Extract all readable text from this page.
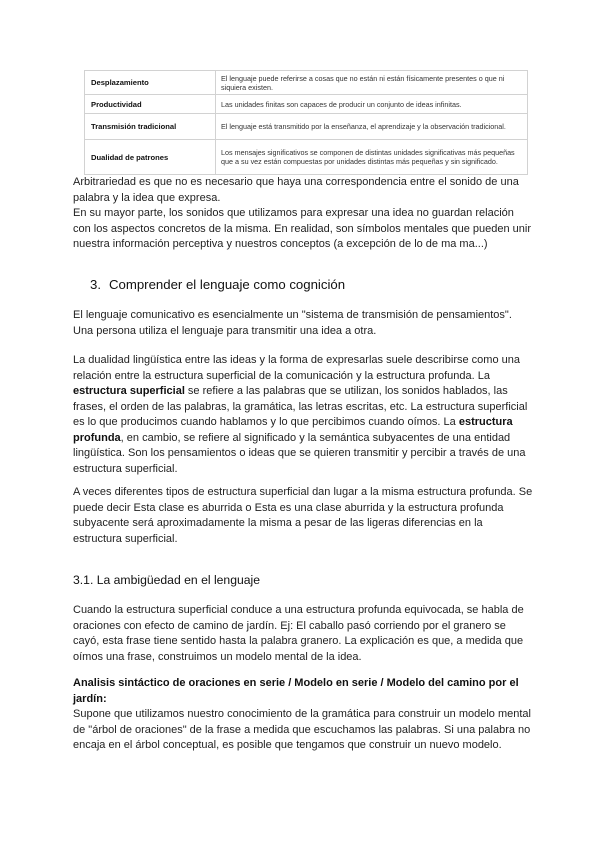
Desplazamiento	El lenguaje puede referirse a cosas que no están ni están físicamente presentes o que ni siquiera existen.
Productividad	Las unidades finitas son capaces de producir un conjunto de ideas infinitas.
Transmisión tradicional	El lenguaje está transmitido por la enseñanza, el aprendizaje y la observación tradicional.
Dualidad de patrones	Los mensajes significativos se componen de distintas unidades significativas más pequeñas que a su vez están compuestas por unidades distintas más pequeñas y sin significado.

Arbitrariedad es que no es necesario que haya una correspondencia entre el sonido de una palabra y la idea que expresa.

En su mayor parte, los sonidos que utilizamos para expresar una idea no guardan relación con los aspectos concretos de la misma. En realidad, son símbolos mentales que pueden unir nuestra información perceptiva y nuestros conceptos (a excepción de lo de ma ma...)

3. Comprender el lenguaje como cognición

El lenguaje comunicativo es esencialmente un "sistema de transmisión de pensamientos". Una persona utiliza el lenguaje para transmitir una idea a otra.

La dualidad lingüística entre las ideas y la forma de expresarlas suele describirse como una relación entre la estructura superficial de la comunicación y la estructura profunda. La estructura superficial se refiere a las palabras que se utilizan, los sonidos hablados, las frases, el orden de las palabras, la gramática, las letras escritas, etc. La estructura superficial es lo que producimos cuando hablamos y lo que percibimos cuando oímos. La estructura profunda, en cambio, se refiere al significado y la semántica subyacentes de una entidad lingüística. Son los pensamientos o ideas que se quieren transmitir y percibir a través de una estructura superficial.

A veces diferentes tipos de estructura superficial dan lugar a la misma estructura profunda. Se puede decir Esta clase es aburrida o Esta es una clase aburrida y la estructura profunda subyacente será aproximadamente la misma a pesar de las ligeras diferencias en la estructura superficial.

3.1. La ambigüedad en el lenguaje

Cuando la estructura superficial conduce a una estructura profunda equivocada, se habla de oraciones con efecto de camino de jardín. Ej: El caballo pasó corriendo por el granero se cayó, esta frase tiene sentido hasta la palabra granero. La explicación es que, a medida que oímos una frase, construimos un modelo mental de la idea.

Analisis sintáctico de oraciones en serie / Modelo en serie / Modelo del camino por el jardín:

Supone que utilizamos nuestro conocimiento de la gramática para construir un modelo mental de "árbol de oraciones" de la frase a medida que escuchamos las palabras. Si una palabra no encaja en el árbol conceptual, es posible que tengamos que construir un nuevo modelo.
